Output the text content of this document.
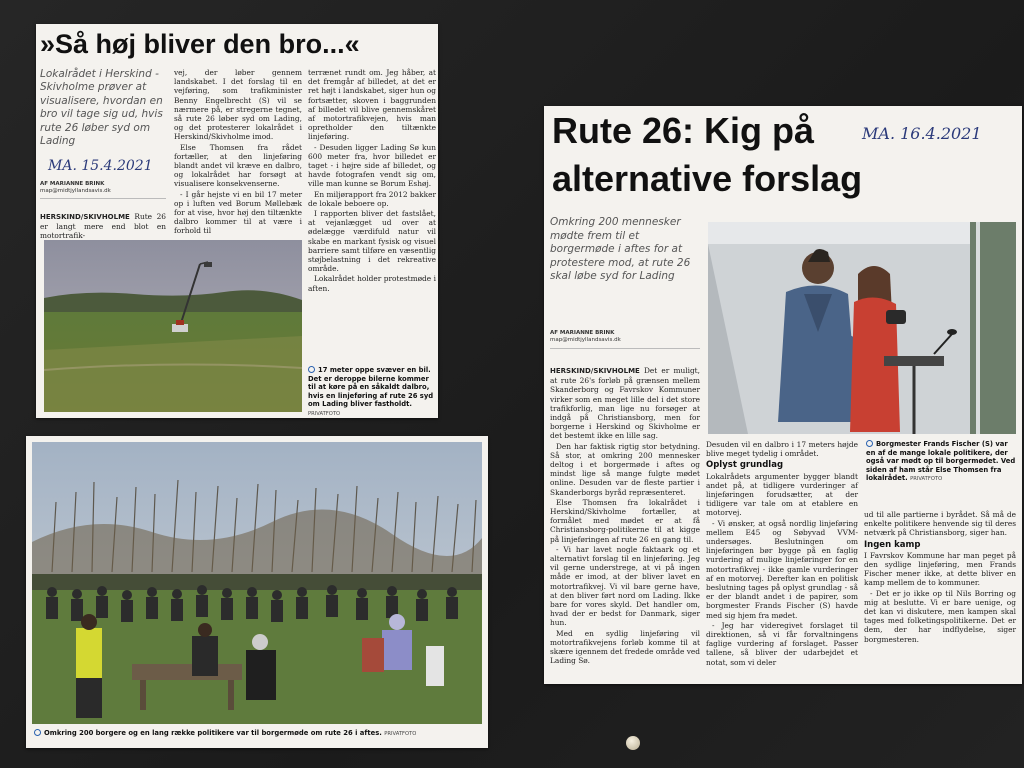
»Så høj bliver den bro...«
Lokalrådet i Herskind - Skivholme prøver at visualisere, hvordan en bro vil tage sig ud, hvis rute 26 løber syd om Lading
MA. 15.4.2021
AF MARIANNE BRINK
map@midtjyllandsavis.dk

HERSKIND/SKIVHOLME Rute 26 er langt mere end blot en motortrafik-

vej, der løber gennem landskabet. I det forslag til en vejføring, som trafikminister Benny Engelbrecht (S) vil se nærmere på, er stregerne tegnet, så rute 26 løber syd om Lading, og det protesterer lokalrådet i Herskind/Skivholme imod.

Else Thomsen fra rådet fortæller, at den linjeføring blandt andet vil kræve en dalbro, og lokalrådet har forsøgt at visualisere konsekvenserne.

- I går hejste vi en bil 17 meter op i luften ved Borum Møllebæk for at vise, hvor høj den tiltænkte dalbro kommer til at være i forhold til

terrænet rundt om. Jeg håber, at det fremgår af billedet, at det er ret højt i landskabet, siger hun og fortsætter, skoven i baggrunden af billedet vil blive gennemskåret af motortrafikvejen, hvis man opretholder den tiltænkte linjeføring.

- Desuden ligger Lading Sø kun 600 meter fra, hvor billedet er taget - i højre side af billedet, og havde fotografen vendt sig om, ville man kunne se Borum Eshøj.

En miljørapport fra 2012 bakker de lokale beboere op.

I rapporten bliver det fastslået, at vejanlægget ud over at ødelægge værdifuld natur vil skabe en markant fysisk og visuel barriere samt tilføre en væsentlig støjbelastning i det rekreative område.

Lokalrådet holder protestmøde i aften.

17 meter oppe svæver en bil. Det er deroppe bilerne kommer til at køre på en såkaldt dalbro, hvis en linjeføring af rute 26 syd om Lading bliver fastholdt. PRIVATFOTO
Omkring 200 borgere og en lang række politikere var til borgermøde om rute 26 i aftes. PRIVATFOTO
Rute 26: Kig på	MA. 16.4.2021
alternative forslag
Omkring 200 mennesker mødte frem til et borgermøde i aftes for at protestere mod, at rute 26 skal løbe syd for Lading
AF MARIANNE BRINK
map@midtjyllandsavis.dk

HERSKIND/SKIVHOLME Det er muligt, at rute 26's forløb på grænsen mellem Skanderborg og Favrskov Kommuner virker som en meget lille del i det store trafikforlig, man lige nu forsøger at indgå på Christiansborg, men for borgerne i Herskind og Skivholme er det bestemt ikke en lille sag.

Den har faktisk rigtig stor betydning. Så stor, at omkring 200 mennesker deltog i et borgermøde i aftes og mindst lige så mange fulgte mødet online. Desuden var de fleste partier i Skanderborgs byråd repræsenteret.

Else Thomsen fra lokalrådet i Herskind/Skivholme fortæller, at formålet med mødet er at få Christiansborg-politikerne til at kigge på linjeføringen af rute 26 en gang til.

- Vi har lavet nogle faktaark og et alternativt forslag til en linjeføring. Jeg vil gerne understrege, at vi på ingen måde er imod, at der bliver lavet en motortrafikvej. Vi vil bare gerne have, at den bliver ført nord om Lading. Ikke bare for vores skyld. Det handler om, hvad der er bedst for Danmark, siger hun.

Med en sydlig linjeføring vil motortrafikvejens forløb komme til at skære igennem det fredede område ved Lading Sø.

Desuden vil en dalbro i 17 meters højde blive meget tydelig i området.

Oplyst grundlag

Lokalrådets argumenter bygger blandt andet på, at tidligere vurderinger af linjeføringen forudsætter, at der tidligere var tale om at etablere en motorvej.

- Vi ønsker, at også nordlig linjeføring mellem E45 og Søbyvad VVM-undersøges. Beslutningen om linjeføringen bør bygge på en faglig vurdering af mulige linjeføringer for en motortrafikvej - ikke gamle vurderinger af en motorvej. Derefter kan en politisk beslutning tages på oplyst grundlag - så er der blandt andet i de papirer, som borgmester Frands Fischer (S) havde med sig hjem fra mødet.

- Jeg har videregivet forslaget til direktionen, så vi får forvaltningens faglige vurdering af forslaget. Passer tallene, så bliver der udarbejdet et notat, som vi deler

Borgmester Frands Fischer (S) var en af de mange lokale politikere, der også var mødt op til borgermødet. Ved siden af ham står Else Thomsen fra lokalrådet. PRIVATFOTO

ud til alle partierne i byrådet. Så må de enkelte politikere henvende sig til deres netværk på Christiansborg, siger han.

Ingen kamp

I Favrskov Kommune har man peget på den sydlige linjeføring, men Frands Fischer mener ikke, at dette bliver en kamp mellem de to kommuner.

- Det er jo ikke op til Nils Borring og mig at beslutte. Vi er bare uenige, og det kan vi diskutere, men kampen skal tages med folketingspolitikerne. Det er dem, der har indflydelse, siger borgmesteren.
